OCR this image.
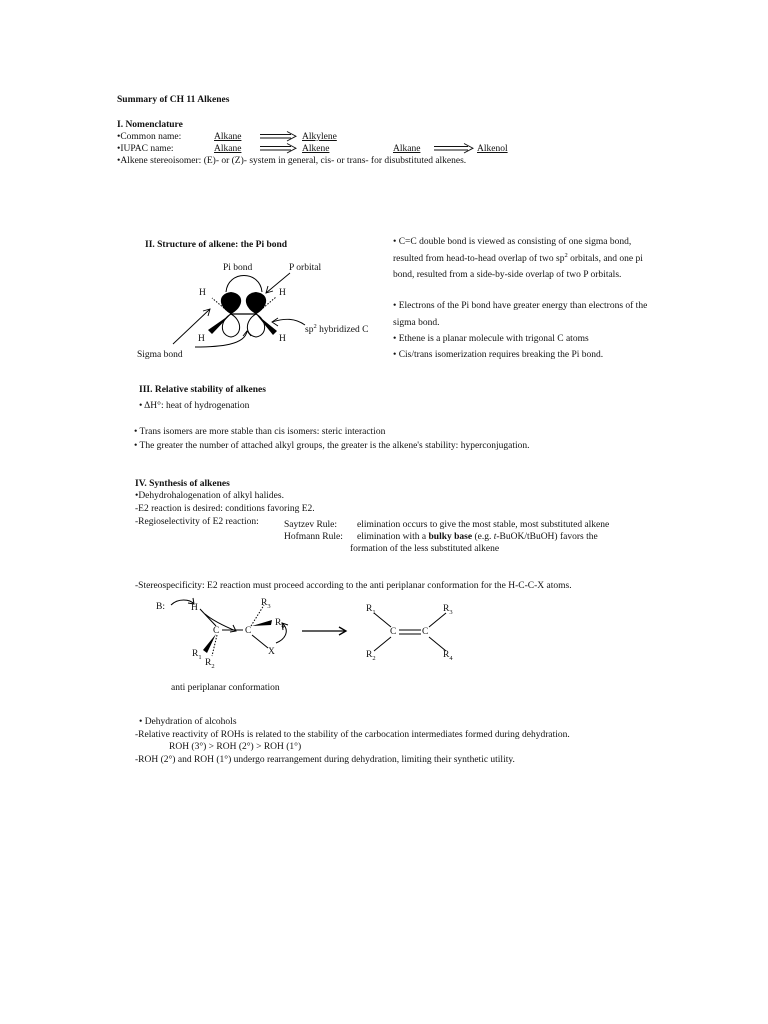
Summary of CH 11 Alkenes
I. Nomenclature
•Common name:	Alkane	Alkylene
•IUPAC name:	Alkane	Alkene	Alkane	Alkenol
•Alkene stereoisomer: (E)- or (Z)- system in general, cis- or trans- for disubstituted alkenes.
II. Structure of alkene: the Pi bond
Pi bond	P orbital
H	H
H	H
$sp^2$ hybridized C
Sigma bond
• C=C double bond is viewed as consisting of one sigma bond, resulted from head-to-head overlap of two $sp^2$ orbitals, and one pi bond, resulted from a side-by-side overlap of two P orbitals.
• Electrons of the Pi bond have greater energy than electrons of the sigma bond.
• Ethene is a planar molecule with trigonal C atoms
• Cis/trans isomerization requires breaking the Pi bond.
III. Relative stability of alkenes
• ΔH°: heat of hydrogenation
• Trans isomers are more stable than cis isomers: steric interaction
• The greater the number of attached alkyl groups, the greater is the alkene's stability: hyperconjugation.
IV. Synthesis of alkenes
•Dehydrohalogenation of alkyl halides.
-E2 reaction is desired: conditions favoring E2.
-Regioselectivity of E2 reaction:	Saytzev Rule: elimination occurs to give the most stable, most substituted alkene
Hofmann Rule: elimination with a bulky base (e.g. t-BuOK/tBuOH) favors the
formation of the less substituted alkene
-Stereospecificity: E2 reaction must proceed according to the anti periplanar conformation for the H-C-C-X atoms.
B:	H
C	C
$R_3$
$R_4$
X
$R_1$
$R_2$
$R_1$	$R_3$
C	C
$R_2$	$R_4$
anti periplanar conformation
• Dehydration of alcohols
-Relative reactivity of ROHs is related to the stability of the carbocation intermediates formed during dehydration.
ROH (3°) > ROH (2°) > ROH (1°)
-ROH (2°) and ROH (1°) undergo rearrangement during dehydration, limiting their synthetic utility.
